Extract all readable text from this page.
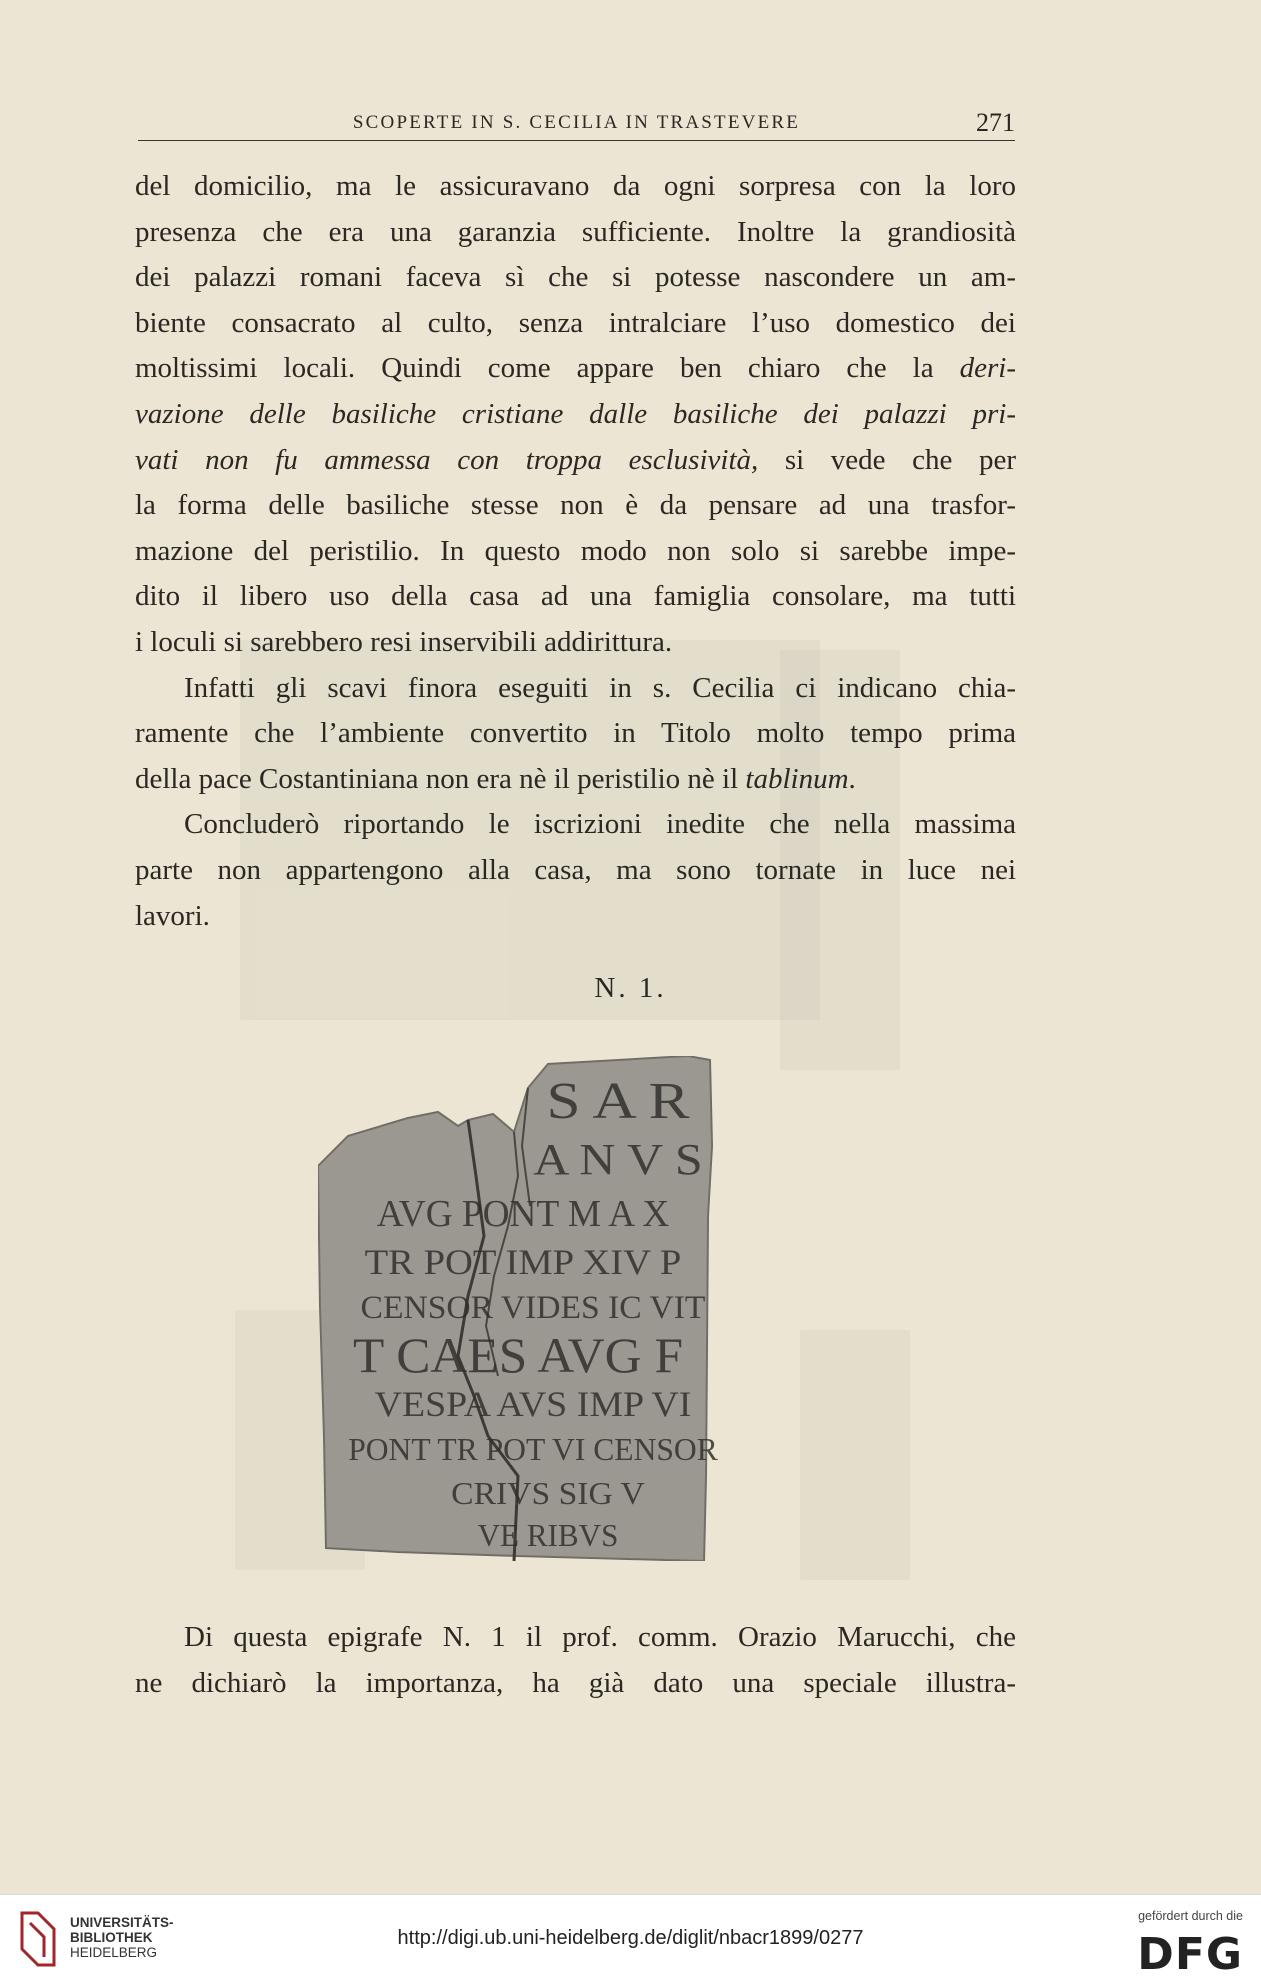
SCOPERTE IN S. CECILIA IN TRASTEVERE	271
del domicilio, ma le assicuravano da ogni sorpresa con la loro
presenza che era una garanzia sufficiente. Inoltre la grandiosità
dei palazzi romani faceva sì che si potesse nascondere un am-
biente consacrato al culto, senza intralciare l’uso domestico dei
moltissimi locali. Quindi come appare ben chiaro che la deri-
vazione delle basiliche cristiane dalle basiliche dei palazzi pri-
vati non fu ammessa con troppa esclusività, si vede che per
la forma delle basiliche stesse non è da pensare ad una trasfor-
mazione del peristilio. In questo modo non solo si sarebbe impe-
dito il libero uso della casa ad una famiglia consolare, ma tutti
i loculi si sarebbero resi inservibili addirittura.
Infatti gli scavi finora eseguiti in s. Cecilia ci indicano chia-
ramente che l’ambiente convertito in Titolo molto tempo prima
della pace Costantiniana non era nè il peristilio nè il tablinum.
Concluderò riportando le iscrizioni inedite che nella massima
parte non appartengono alla casa, ma sono tornate in luce nei
lavori.
N. 1.
S A R
A N V S
AVG PONT M A X
TR POT IMP XIV P
CENSOR VIDES IC VIT
T CAES AVG F
VESPA AVS IMP VI
PONT TR POT VI CENSOR
CRIVS SIG V
VE RIBVS
Di questa epigrafe N. 1 il prof. comm. Orazio Marucchi, che
ne dichiarò la importanza, ha già dato una speciale illustra-
UNIVERSITÄTS-
BIBLIOTHEK
HEIDELBERG
http://digi.ub.uni-heidelberg.de/diglit/nbacr1899/0277
gefördert durch die
DFG
